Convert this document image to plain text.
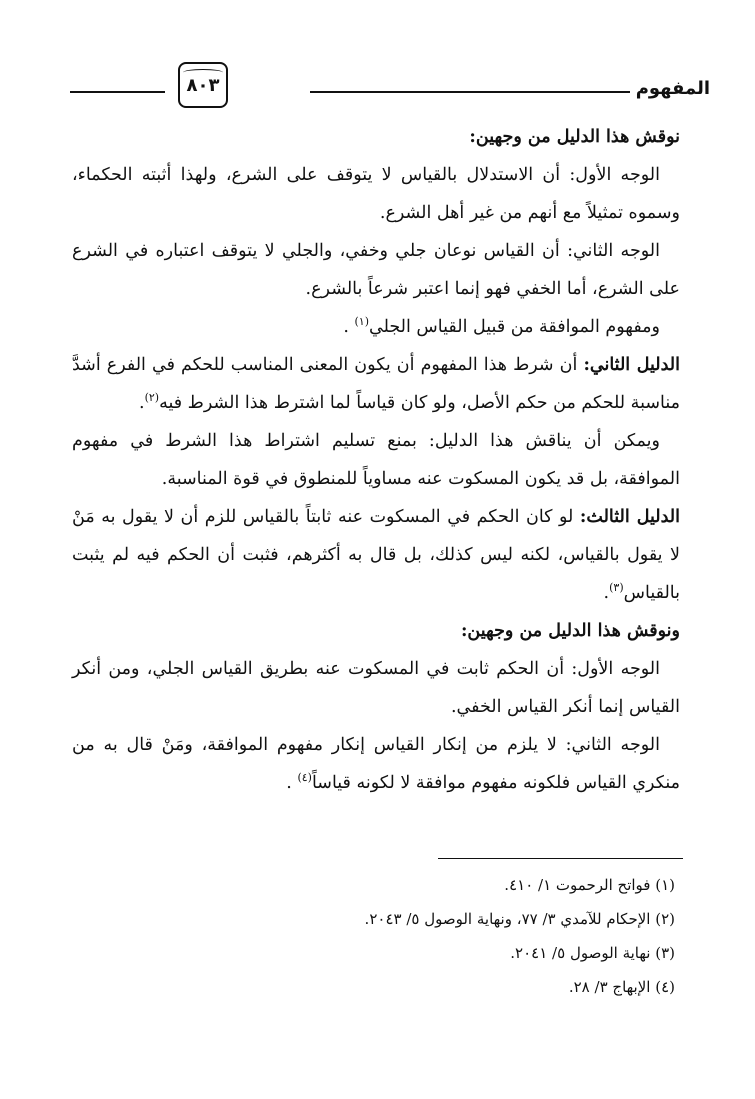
المفهوم
٨٠٣

نوقش هذا الدليل من وجهين:

الوجه الأول: أن الاستدلال بالقياس لا يتوقف على الشرع، ولهذا أثبته الحكماء، وسموه تمثيلاً مع أنهم من غير أهل الشرع.

الوجه الثاني: أن القياس نوعان جلي وخفي، والجلي لا يتوقف اعتباره في الشرع على الشرع، أما الخفي فهو إنما اعتبر شرعاً بالشرع.

ومفهوم الموافقة من قبيل القياس الجلي$^{(١)}$ .

الدليل الثاني: أن شرط هذا المفهوم أن يكون المعنى المناسب للحكم في الفرع أشدَّ مناسبة للحكم من حكم الأصل، ولو كان قياساً لما اشترط هذا الشرط فيه$^{(٢)}$.

ويمكن أن يناقش هذا الدليل: بمنع تسليم اشتراط هذا الشرط في مفهوم الموافقة، بل قد يكون المسكوت عنه مساوياً للمنطوق في قوة المناسبة.

الدليل الثالث: لو كان الحكم في المسكوت عنه ثابتاً بالقياس للزم أن لا يقول به مَنْ لا يقول بالقياس، لكنه ليس كذلك، بل قال به أكثرهم، فثبت أن الحكم فيه لم يثبت بالقياس$^{(٣)}$.

ونوقش هذا الدليل من وجهين:

الوجه الأول: أن الحكم ثابت في المسكوت عنه بطريق القياس الجلي، ومن أنكر القياس إنما أنكر القياس الخفي.

الوجه الثاني: لا يلزم من إنكار القياس إنكار مفهوم الموافقة، ومَنْ قال به من منكري القياس فلكونه مفهوم موافقة لا لكونه قياساً$^{(٤)}$ .

(١) فواتح الرحموت ١/ ٤١٠.

(٢) الإحكام للآمدي ٣/ ٧٧، ونهاية الوصول ٥/ ٢٠٤٣.

(٣) نهاية الوصول ٥/ ٢٠٤١.

(٤) الإبهاج ٣/ ٢٨.
